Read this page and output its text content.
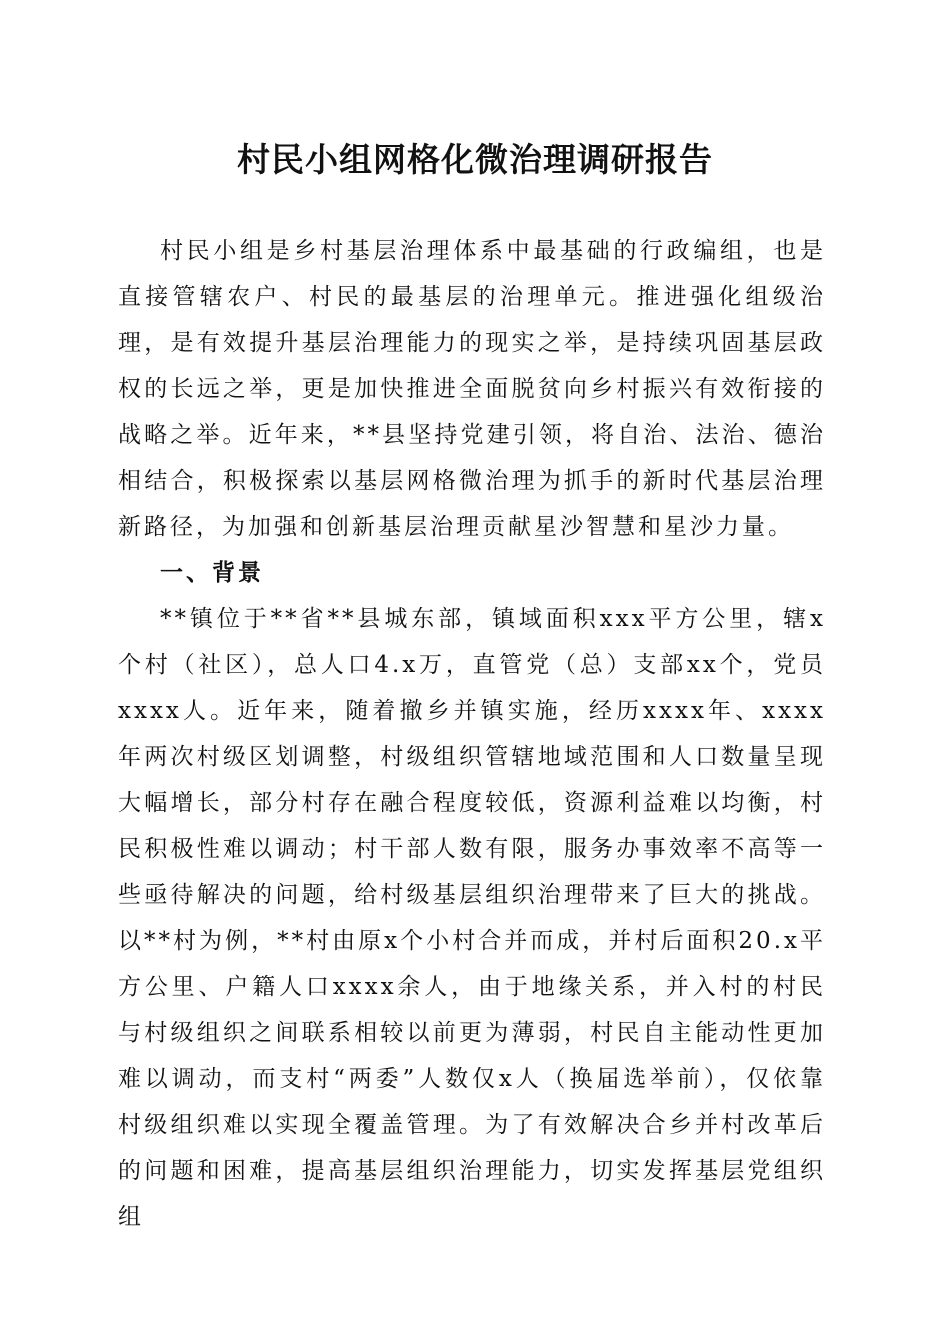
村民小组网格化微治理调研报告

村民小组是乡村基层治理体系中最基础的行政编组，也是直接管辖农户、村民的最基层的治理单元。推进强化组级治理，是有效提升基层治理能力的现实之举，是持续巩固基层政权的长远之举，更是加快推进全面脱贫向乡村振兴有效衔接的战略之举。近年来，**县坚持党建引领，将自治、法治、德治相结合，积极探索以基层网格微治理为抓手的新时代基层治理新路径，为加强和创新基层治理贡献星沙智慧和星沙力量。

一、背景

**镇位于**省**县城东部，镇域面积xxx平方公里，辖x个村（社区），总人口4.x万，直管党（总）支部xx个，党员xxxx人。近年来，随着撤乡并镇实施，经历xxxx年、xxxx年两次村级区划调整，村级组织管辖地域范围和人口数量呈现大幅增长，部分村存在融合程度较低，资源利益难以均衡，村民积极性难以调动；村干部人数有限，服务办事效率不高等一些亟待解决的问题，给村级基层组织治理带来了巨大的挑战。以**村为例，**村由原x个小村合并而成，并村后面积20.x平方公里、户籍人口xxxx余人，由于地缘关系，并入村的村民与村级组织之间联系相较以前更为薄弱，村民自主能动性更加难以调动，而支村“两委”人数仅x人（换届选举前），仅依靠村级组织难以实现全覆盖管理。为了有效解决合乡并村改革后的问题和困难，提高基层组织治理能力，切实发挥基层党组织组
